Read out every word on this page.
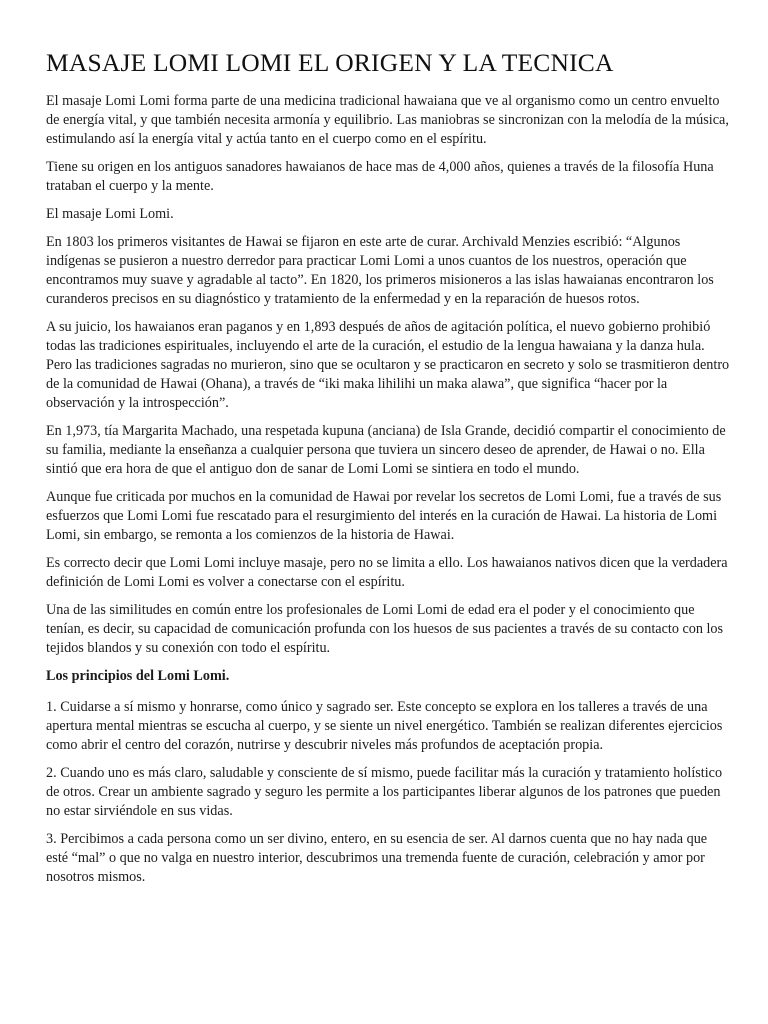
MASAJE LOMI LOMI EL ORIGEN Y LA TECNICA

El masaje Lomi Lomi forma parte de una medicina tradicional hawaiana que ve al organismo como un centro envuelto de energía vital, y que también necesita armonía y equilibrio. Las maniobras se sincronizan con la melodía de la música, estimulando así la energía vital y actúa tanto en el cuerpo como en el espíritu.

Tiene su origen en los antiguos sanadores hawaianos de hace mas de 4,000 años, quienes a través de la filosofía Huna trataban el cuerpo y la mente.

El masaje Lomi Lomi.

En 1803 los primeros visitantes de Hawai se fijaron en este arte de curar. Archivald Menzies escribió: “Algunos indígenas se pusieron a nuestro derredor para practicar Lomi Lomi a unos cuantos de los nuestros, operación que encontramos muy suave y agradable al tacto”. En 1820, los primeros misioneros a las islas hawaianas encontraron los curanderos precisos en su diagnóstico y tratamiento de la enfermedad y en la reparación de huesos rotos.

A su juicio, los hawaianos eran paganos y en 1,893 después de años de agitación política, el nuevo gobierno prohibió todas las tradiciones espirituales, incluyendo el arte de la curación, el estudio de la lengua hawaiana y la danza hula. Pero las tradiciones sagradas no murieron, sino que se ocultaron y se practicaron en secreto y solo se trasmitieron dentro de la comunidad de Hawai (Ohana), a través de “iki maka lihilihi un maka alawa”, que significa “hacer por la observación y la introspección”.

En 1,973, tía Margarita Machado, una respetada kupuna (anciana) de Isla Grande, decidió compartir el conocimiento de su familia, mediante la enseñanza a cualquier persona que tuviera un sincero deseo de aprender, de Hawai o no. Ella sintió que era hora de que el antiguo don de sanar de Lomi Lomi se sintiera en todo el mundo.

Aunque fue criticada por muchos en la comunidad de Hawai por revelar los secretos de Lomi Lomi, fue a través de sus esfuerzos que Lomi Lomi fue rescatado para el resurgimiento del interés en la curación de Hawai. La historia de Lomi Lomi, sin embargo, se remonta a los comienzos de la historia de Hawai.

Es correcto decir que Lomi Lomi incluye masaje, pero no se limita a ello. Los hawaianos nativos dicen que la verdadera definición de Lomi Lomi es volver a conectarse con el espíritu.

Una de las similitudes en común entre los profesionales de Lomi Lomi de edad era el poder y el conocimiento que tenían, es decir, su capacidad de comunicación profunda con los huesos de sus pacientes a través de su contacto con los tejidos blandos y su conexión con todo el espíritu.

Los principios del Lomi Lomi.

1. Cuidarse a sí mismo y honrarse, como único y sagrado ser. Este concepto se explora en los talleres a través de una apertura mental mientras se escucha al cuerpo, y se siente un nivel energético. También se realizan diferentes ejercicios como abrir el centro del corazón, nutrirse y descubrir niveles más profundos de aceptación propia.

2. Cuando uno es más claro, saludable y consciente de sí mismo, puede facilitar más la curación y tratamiento holístico de otros. Crear un ambiente sagrado y seguro les permite a los participantes liberar algunos de los patrones que pueden no estar sirviéndole en sus vidas.

3. Percibimos a cada persona como un ser divino, entero, en su esencia de ser. Al darnos cuenta que no hay nada que esté “mal” o que no valga en nuestro interior, descubrimos una tremenda fuente de curación, celebración y amor por nosotros mismos.
